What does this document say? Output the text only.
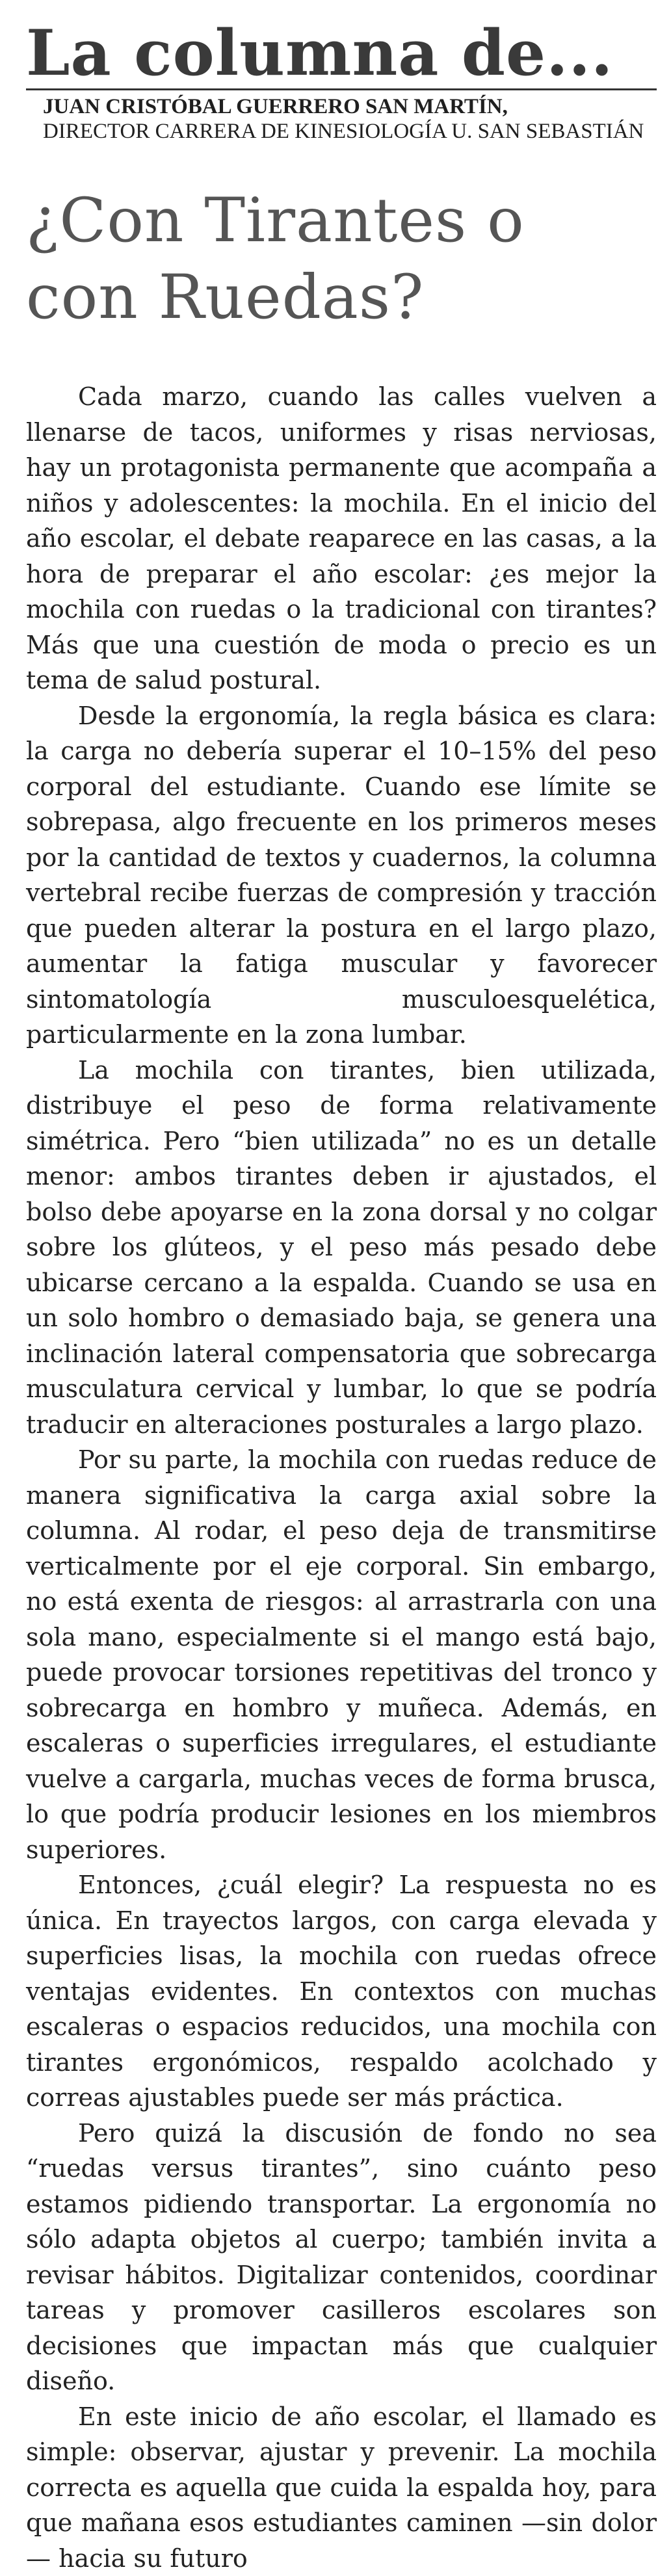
La columna de...
JUAN CRISTÓBAL GUERRERO SAN MARTÍN,
DIRECTOR CARRERA DE KINESIOLOGÍA U. SAN SEBASTIÁN
¿Con Tirantes o con Ruedas?

Cada marzo, cuando las calles vuelven a llenarse de tacos, uniformes y risas nerviosas, hay un protagonista permanente que acompaña a niños y adolescentes: la mochila. En el inicio del año escolar, el debate reaparece en las casas, a la hora de preparar el año escolar: ¿es mejor la mochila con ruedas o la tradicional con tirantes? Más que una cuestión de moda o precio es un tema de salud postural.

Desde la ergonomía, la regla básica es clara: la carga no debería superar el 10–15% del peso corporal del estudiante. Cuando ese límite se sobrepasa, algo frecuente en los primeros meses por la cantidad de textos y cuadernos, la columna vertebral recibe fuerzas de compresión y tracción que pueden alterar la postura en el largo plazo, aumentar la fatiga muscular y favorecer sintomatología musculoesquelética, particularmente en la zona lumbar.

La mochila con tirantes, bien utilizada, distribuye el peso de forma relativamente simétrica. Pero “bien utilizada” no es un detalle menor: ambos tirantes deben ir ajustados, el bolso debe apoyarse en la zona dorsal y no colgar sobre los glúteos, y el peso más pesado debe ubicarse cercano a la espalda. Cuando se usa en un solo hombro o demasiado baja, se genera una inclinación lateral compensatoria que sobrecarga musculatura cervical y lumbar, lo que se podría traducir en alteraciones posturales a largo plazo.

Por su parte, la mochila con ruedas reduce de manera significativa la carga axial sobre la columna. Al rodar, el peso deja de transmitirse verticalmente por el eje corporal. Sin embargo, no está exenta de riesgos: al arrastrarla con una sola mano, especialmente si el mango está bajo, puede provocar torsiones repetitivas del tronco y sobrecarga en hombro y muñeca. Además, en escaleras o superficies irregulares, el estudiante vuelve a cargarla, muchas veces de forma brusca, lo que podría producir lesiones en los miembros superiores.

Entonces, ¿cuál elegir? La respuesta no es única. En trayectos largos, con carga elevada y superficies lisas, la mochila con ruedas ofrece ventajas evidentes. En contextos con muchas escaleras o espacios reducidos, una mochila con tirantes ergonómicos, respaldo acolchado y correas ajustables puede ser más práctica.

Pero quizá la discusión de fondo no sea “ruedas versus tirantes”, sino cuánto peso estamos pidiendo transportar. La ergonomía no sólo adapta objetos al cuerpo; también invita a revisar hábitos. Digitalizar contenidos, coordinar tareas y promover casilleros escolares son decisiones que impactan más que cualquier diseño.

En este inicio de año escolar, el llamado es simple: observar, ajustar y prevenir. La mochila correcta es aquella que cuida la espalda hoy, para que mañana esos estudiantes caminen —sin dolor— hacia su futuro
